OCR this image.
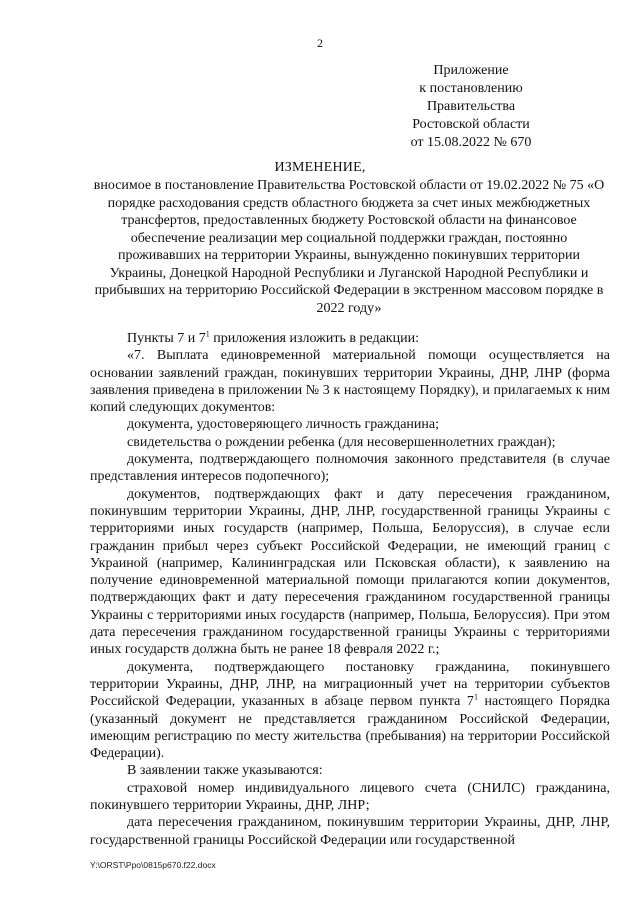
2
Приложение
к постановлению
Правительства
Ростовской области
от 15.08.2022 № 670
ИЗМЕНЕНИЕ,
вносимое в постановление Правительства Ростовской области от 19.02.2022 № 75 «О порядке расходования средств областного бюджета за счет иных межбюджетных трансфертов, предоставленных бюджету Ростовской области на финансовое обеспечение реализации мер социальной поддержки граждан, постоянно проживавших на территории Украины, вынужденно покинувших территории Украины, Донецкой Народной Республики и Луганской Народной Республики и прибывших на территорию Российской Федерации в экстренном массовом порядке в 2022 году»

Пункты 7 и $7^1$ приложения изложить в редакции:

«7. Выплата единовременной материальной помощи осуществляется на основании заявлений граждан, покинувших территории Украины, ДНР, ЛНР (форма заявления приведена в приложении № 3 к настоящему Порядку), и прилагаемых к ним копий следующих документов:

документа, удостоверяющего личность гражданина;

свидетельства о рождении ребенка (для несовершеннолетних граждан);

документа, подтверждающего полномочия законного представителя (в случае представления интересов подопечного);

документов, подтверждающих факт и дату пересечения гражданином, покинувшим территории Украины, ДНР, ЛНР, государственной границы Украины с территориями иных государств (например, Польша, Белоруссия), в случае если гражданин прибыл через субъект Российской Федерации, не имеющий границ с Украиной (например, Калининградская или Псковская области), к заявлению на получение единовременной материальной помощи прилагаются копии документов, подтверждающих факт и дату пересечения гражданином государственной границы Украины с территориями иных государств (например, Польша, Белоруссия). При этом дата пересечения гражданином государственной границы Украины с территориями иных государств должна быть не ранее 18 февраля 2022 г.;

документа, подтверждающего постановку гражданина, покинувшего территории Украины, ДНР, ЛНР, на миграционный учет на территории субъектов Российской Федерации, указанных в абзаце первом пункта $7^1$ настоящего Порядка (указанный документ не представляется гражданином Российской Федерации, имеющим регистрацию по месту жительства (пребывания) на территории Российской Федерации).

В заявлении также указываются:

страховой номер индивидуального лицевого счета (СНИЛС) гражданина, покинувшего территории Украины, ДНР, ЛНР;

дата пересечения гражданином, покинувшим территории Украины, ДНР, ЛНР, государственной границы Российской Федерации или государственной

Y:\ORST\Ppo\0815p670.f22.docx
